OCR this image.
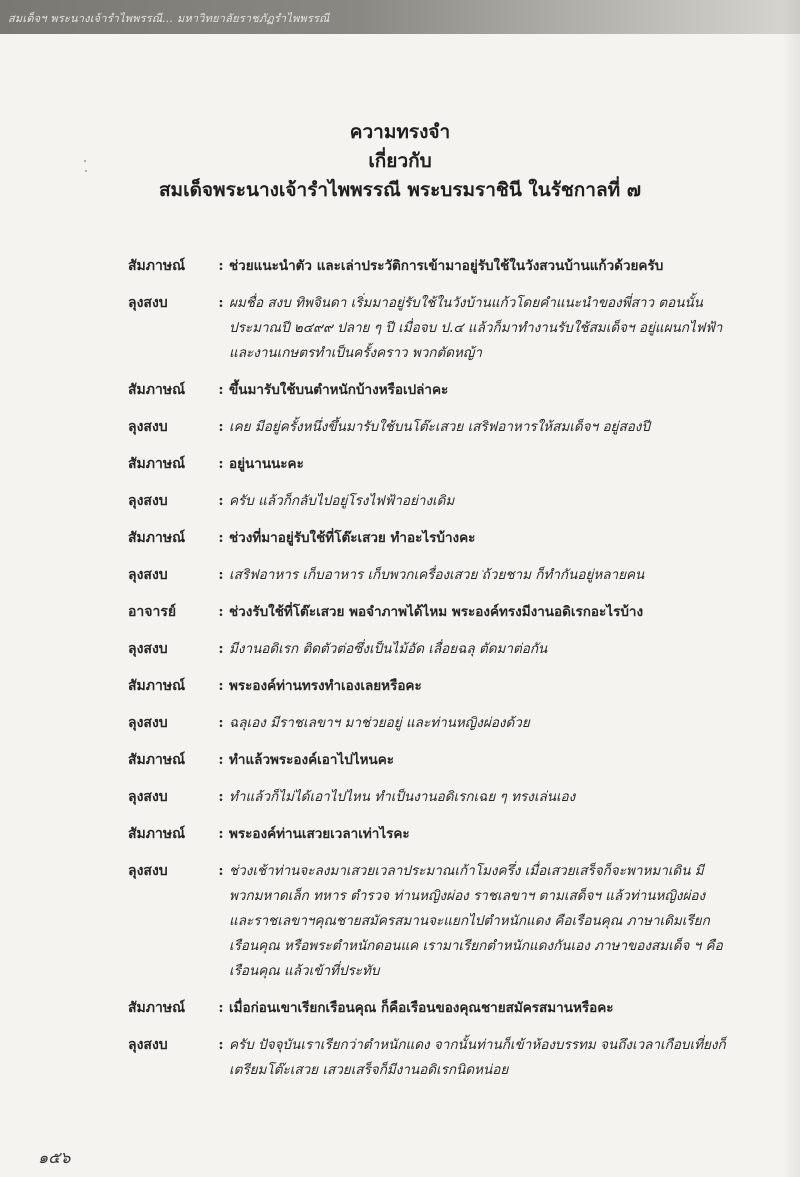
สมเด็จฯ พระนางเจ้ารำไพพรรณี... มหาวิทยาลัยราชภัฏรำไพพรรณี
ความทรงจำ
เกี่ยวกับ
สมเด็จพระนางเจ้ารำไพพรรณี พระบรมราชินี ในรัชกาลที่ ๗
สัมภาษณ์	: ช่วยแนะนำตัว และเล่าประวัติการเข้ามาอยู่รับใช้ในวังสวนบ้านแก้วด้วยครับ
ลุงสงบ	: ผมชื่อ สงบ ทิพจินดา เริ่มมาอยู่รับใช้ในวังบ้านแก้วโดยคำแนะนำของพี่สาว ตอนนั้นประมาณปี ๒๔๙๙ ปลาย ๆ ปี เมื่อจบ ป.๔ แล้วก็มาทำงานรับใช้สมเด็จฯ อยู่แผนกไฟฟ้า และงานเกษตรทำเป็นครั้งคราว พวกตัดหญ้า
สัมภาษณ์	: ขึ้นมารับใช้บนตำหนักบ้างหรือเปล่าคะ
ลุงสงบ	: เคย มีอยู่ครั้งหนึ่งขึ้นมารับใช้บนโต๊ะเสวย เสริฟอาหารให้สมเด็จฯ อยู่สองปี
สัมภาษณ์	: อยู่นานนะคะ
ลุงสงบ	: ครับ แล้วก็กลับไปอยู่โรงไฟฟ้าอย่างเดิม
สัมภาษณ์	: ช่วงที่มาอยู่รับใช้ที่โต๊ะเสวย ทำอะไรบ้างคะ
ลุงสงบ	: เสริฟอาหาร เก็บอาหาร เก็บพวกเครื่องเสวย ถ้วยชาม ก็ทำกันอยู่หลายคน
อาจารย์	: ช่วงรับใช้ที่โต๊ะเสวย พอจำภาพได้ไหม พระองค์ทรงมีงานอดิเรกอะไรบ้าง
ลุงสงบ	: มีงานอดิเรก ติดตัวต่อซึ่งเป็นไม้อัด เลื่อยฉลุ ตัดมาต่อกัน
สัมภาษณ์	: พระองค์ท่านทรงทำเองเลยหรือคะ
ลุงสงบ	: ฉลุเอง มีราชเลขาฯ มาช่วยอยู่ และท่านหญิงผ่องด้วย
สัมภาษณ์	: ทำแล้วพระองค์เอาไปไหนคะ
ลุงสงบ	: ทำแล้วก็ไม่ได้เอาไปไหน ทำเป็นงานอดิเรกเฉย ๆ ทรงเล่นเอง
สัมภาษณ์	: พระองค์ท่านเสวยเวลาเท่าไรคะ
ลุงสงบ	: ช่วงเช้าท่านจะลงมาเสวยเวลาประมาณเก้าโมงครึ่ง เมื่อเสวยเสร็จก็จะพาหมาเดิน มีพวกมหาดเล็ก ทหาร ตำรวจ ท่านหญิงผ่อง ราชเลขาฯ ตามเสด็จฯ แล้วท่านหญิงผ่อง และราชเลขาฯคุณชายสมัครสมานจะแยกไปตำหนักแดง คือเรือนคุณ ภาษาเดิมเรียกเรือนคุณ หรือพระตำหนักดอนแค เรามาเรียกตำหนักแดงกันเอง ภาษาของสมเด็จ ฯ คือเรือนคุณ แล้วเข้าที่ประทับ
สัมภาษณ์	: เมื่อก่อนเขาเรียกเรือนคุณ ก็คือเรือนของคุณชายสมัครสมานหรือคะ
ลุงสงบ	: ครับ ปัจจุบันเราเรียกว่าตำหนักแดง จากนั้นท่านก็เข้าห้องบรรทม จนถึงเวลาเกือบเที่ยงก็เตรียมโต๊ะเสวย เสวยเสร็จก็มีงานอดิเรกนิดหน่อย
๑๕๖
